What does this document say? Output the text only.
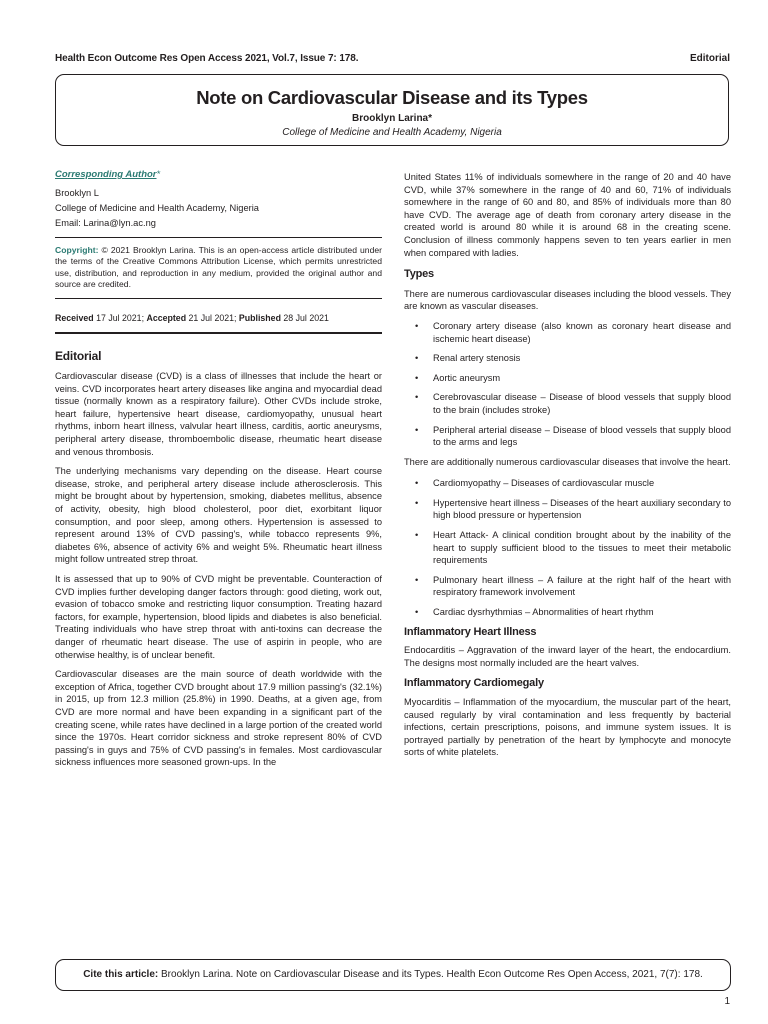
Health Econ Outcome Res Open Access 2021, Vol.7, Issue 7: 178.	Editorial
Note on Cardiovascular Disease and its Types
Brooklyn Larina*
College of Medicine and Health Academy, Nigeria
Corresponding Author*
Brooklyn L
College of Medicine and Health Academy, Nigeria
Email: Larina@lyn.ac.ng
Copyright: © 2021 Brooklyn Larina. This is an open-access article distributed under the terms of the Creative Commons Attribution License, which permits unrestricted use, distribution, and reproduction in any medium, provided the original author and source are credited.
Received 17 Jul 2021; Accepted 21 Jul 2021; Published 28 Jul 2021
Editorial

Cardiovascular disease (CVD) is a class of illnesses that include the heart or veins. CVD incorporates heart artery diseases like angina and myocardial dead tissue (normally known as a respiratory failure). Other CVDs include stroke, heart failure, hypertensive heart disease, cardiomyopathy, unusual heart rhythms, inborn heart illness, valvular heart illness, carditis, aortic aneurysms, peripheral artery disease, thromboembolic disease, rheumatic heart disease and venous thrombosis.

The underlying mechanisms vary depending on the disease. Heart course disease, stroke, and peripheral artery disease include atherosclerosis. This might be brought about by hypertension, smoking, diabetes mellitus, absence of activity, obesity, high blood cholesterol, poor diet, exorbitant liquor consumption, and poor sleep, among others. Hypertension is assessed to represent around 13% of CVD passing's, while tobacco represents 9%, diabetes 6%, absence of activity 6% and weight 5%. Rheumatic heart illness might follow untreated strep throat.

It is assessed that up to 90% of CVD might be preventable. Counteraction of CVD implies further developing danger factors through: good dieting, work out, evasion of tobacco smoke and restricting liquor consumption. Treating hazard factors, for example, hypertension, blood lipids and diabetes is also beneficial. Treating individuals who have strep throat with anti-toxins can decrease the danger of rheumatic heart disease. The use of aspirin in people, who are otherwise healthy, is of unclear benefit.

Cardiovascular diseases are the main source of death worldwide with the exception of Africa, together CVD brought about 17.9 million passing's (32.1%) in 2015, up from 12.3 million (25.8%) in 1990. Deaths, at a given age, from CVD are more normal and have been expanding in a significant part of the creating scene, while rates have declined in a large portion of the created world since the 1970s. Heart corridor sickness and stroke represent 80% of CVD passing's in guys and 75% of CVD passing's in females. Most cardiovascular sickness influences more seasoned grown-ups. In the

United States 11% of individuals somewhere in the range of 20 and 40 have CVD, while 37% somewhere in the range of 40 and 60, 71% of individuals somewhere in the range of 60 and 80, and 85% of individuals more than 80 have CVD. The average age of death from coronary artery disease in the created world is around 80 while it is around 68 in the creating scene. Conclusion of illness commonly happens seven to ten years earlier in men when compared with ladies.

Types

There are numerous cardiovascular diseases including the blood vessels. They are known as vascular diseases.

• Coronary artery disease (also known as coronary heart disease and ischemic heart disease)
• Renal artery stenosis
• Aortic aneurysm
• Cerebrovascular disease – Disease of blood vessels that supply blood to the brain (includes stroke)
• Peripheral arterial disease – Disease of blood vessels that supply blood to the arms and legs

There are additionally numerous cardiovascular diseases that involve the heart.

• Cardiomyopathy – Diseases of cardiovascular muscle
• Hypertensive heart illness – Diseases of the heart auxiliary secondary to high blood pressure or hypertension
• Heart Attack- A clinical condition brought about by the inability of the heart to supply sufficient blood to the tissues to meet their metabolic requirements
• Pulmonary heart illness – A failure at the right half of the heart with respiratory framework involvement
• Cardiac dysrhythmias – Abnormalities of heart rhythm
Inflammatory Heart Illness

Endocarditis – Aggravation of the inward layer of the heart, the endocardium. The designs most normally included are the heart valves.

Inflammatory Cardiomegaly

Myocarditis – Inflammation of the myocardium, the muscular part of the heart, caused regularly by viral contamination and less frequently by bacterial infections, certain prescriptions, poisons, and immune system issues. It is portrayed partially by penetration of the heart by lymphocyte and monocyte sorts of white platelets.

Cite this article: Brooklyn Larina. Note on Cardiovascular Disease and its Types. Health Econ Outcome Res Open Access, 2021, 7(7): 178.
1
